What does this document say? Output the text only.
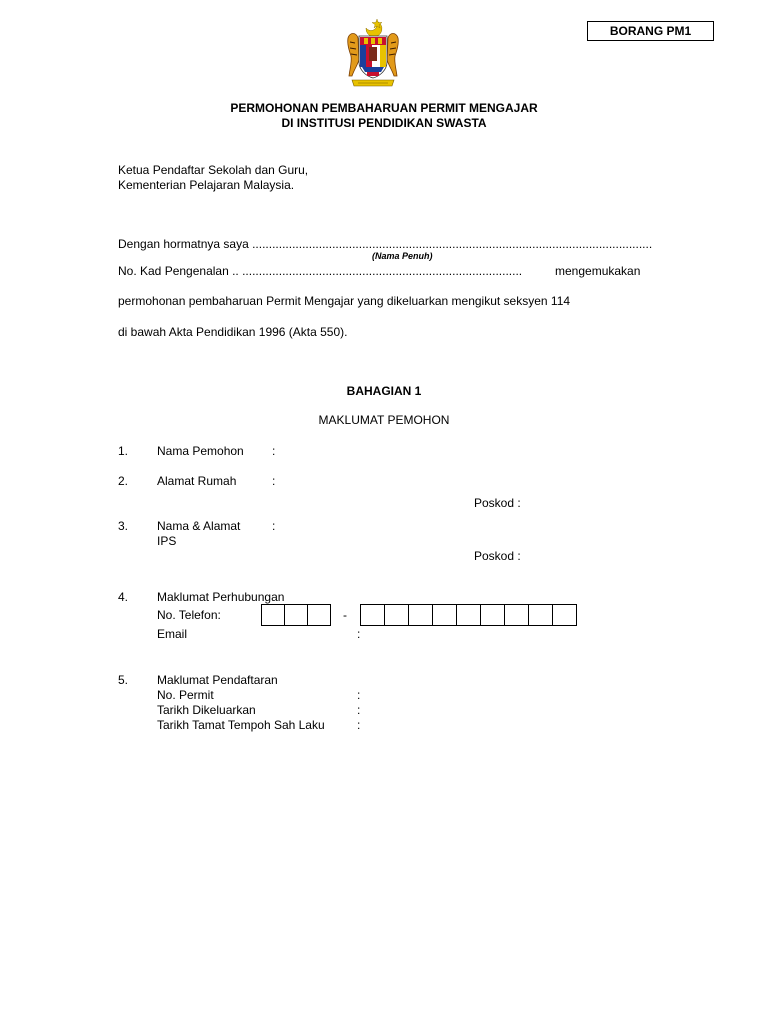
BORANG PM1
PERMOHONAN PEMBAHARUAN PERMIT MENGAJAR
DI INSTITUSI PENDIDIKAN SWASTA
Ketua Pendaftar Sekolah dan Guru,
Kementerian Pelajaran Malaysia.
Dengan hormatnya saya ........................................................................................................................
(Nama Penuh)
No. Kad Pengenalan .. ....................................................................................	mengemukakan
permohonan pembaharuan Permit Mengajar yang dikeluarkan mengikut seksyen 114
di bawah Akta Pendidikan 1996 (Akta 550).
BAHAGIAN 1
MAKLUMAT PEMOHON
1. Nama Pemohon :
2. Alamat Rumah	:
Poskod :
3. Nama & Alamat
IPS
:
Poskod :
4. Maklumat Perhubungan
No. Telefon:	-
Email	:
5. Maklumat Pendaftaran
No. Permit	:
Tarikh Dikeluarkan	:
Tarikh Tamat Tempoh Sah Laku	:
